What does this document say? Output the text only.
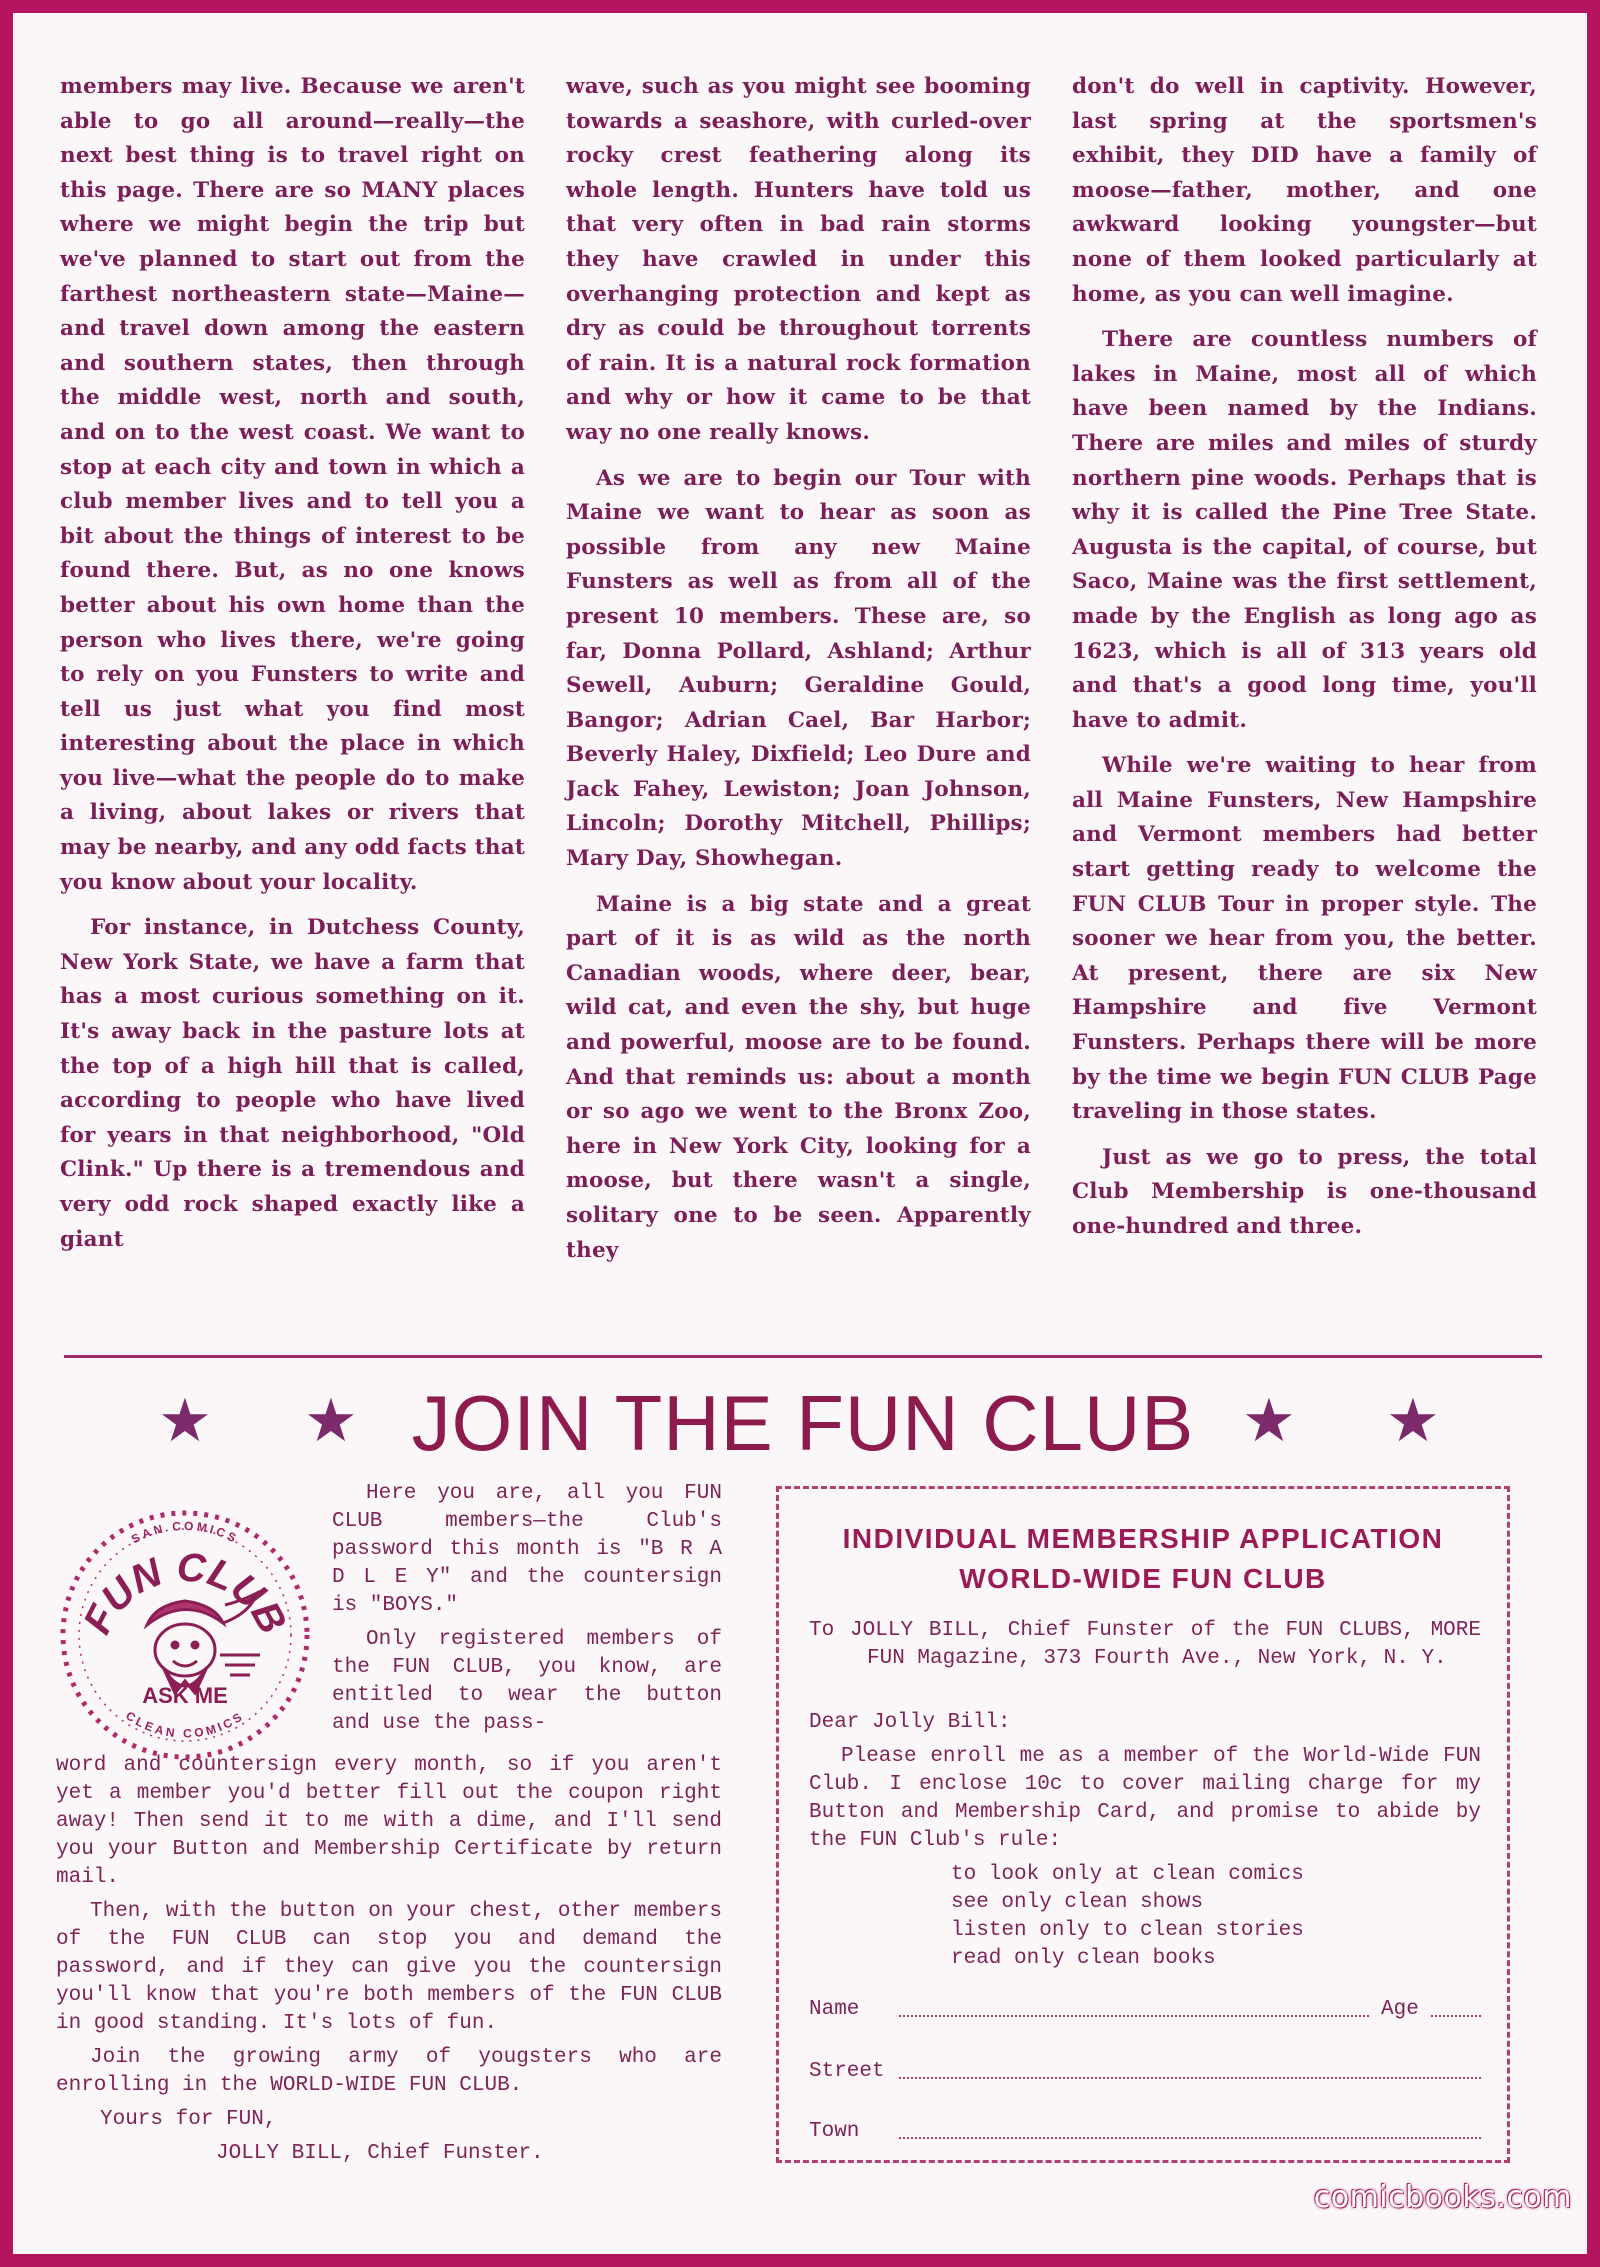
members may live. Because we aren't able to go all around—really—the next best thing is to travel right on this page. There are so MANY places where we might begin the trip but we've planned to start out from the farthest northeastern state—Maine—and travel down among the eastern and southern states, then through the middle west, north and south, and on to the west coast. We want to stop at each city and town in which a club member lives and to tell you a bit about the things of interest to be found there. But, as no one knows better about his own home than the person who lives there, we're going to rely on you Funsters to write and tell us just what you find most interesting about the place in which you live—what the people do to make a living, about lakes or rivers that may be nearby, and any odd facts that you know about your locality.

For instance, in Dutchess County, New York State, we have a farm that has a most curious something on it. It's away back in the pasture lots at the top of a high hill that is called, according to people who have lived for years in that neighborhood, "Old Clink." Up there is a tremendous and very odd rock shaped exactly like a giant

wave, such as you might see booming towards a seashore, with curled-over rocky crest feathering along its whole length. Hunters have told us that very often in bad rain storms they have crawled in under this overhanging protection and kept as dry as could be throughout torrents of rain. It is a natural rock formation and why or how it came to be that way no one really knows.

As we are to begin our Tour with Maine we want to hear as soon as possible from any new Maine Funsters as well as from all of the present 10 members. These are, so far, Donna Pollard, Ashland; Arthur Sewell, Auburn; Geraldine Gould, Bangor; Adrian Cael, Bar Harbor; Beverly Haley, Dixfield; Leo Dure and Jack Fahey, Lewiston; Joan Johnson, Lincoln; Dorothy Mitchell, Phillips; Mary Day, Showhegan.

Maine is a big state and a great part of it is as wild as the north Canadian woods, where deer, bear, wild cat, and even the shy, but huge and powerful, moose are to be found. And that reminds us: about a month or so ago we went to the Bronx Zoo, here in New York City, looking for a moose, but there wasn't a single, solitary one to be seen. Apparently they

don't do well in captivity. However, last spring at the sportsmen's exhibit, they DID have a family of moose—father, mother, and one awkward looking youngster—but none of them looked particularly at home, as you can well imagine.

There are countless numbers of lakes in Maine, most all of which have been named by the Indians. There are miles and miles of sturdy northern pine woods. Perhaps that is why it is called the Pine Tree State. Augusta is the capital, of course, but Saco, Maine was the first settlement, made by the English as long ago as 1623, which is all of 313 years old and that's a good long time, you'll have to admit.

While we're waiting to hear from all Maine Funsters, New Hampshire and Vermont members had better start getting ready to welcome the FUN CLUB Tour in proper style. The sooner we hear from you, the better. At present, there are six New Hampshire and five Vermont Funsters. Perhaps there will be more by the time we begin FUN CLUB Page traveling in those states.

Just as we go to press, the total Club Membership is one-thousand one-hundred and three.

★ ★ JOIN THE FUN CLUB ★ ★
SAN COMICS
FUN CLUB
ASK ME
CLEAN COMICS

Here you are, all you FUN CLUB members—the Club's password this month is "B R A D L E Y" and the countersign is "BOYS."

Only registered members of the FUN CLUB, you know, are entitled to wear the button and use the pass-

word and countersign every month, so if you aren't yet a member you'd better fill out the coupon right away! Then send it to me with a dime, and I'll send you your Button and Membership Certificate by return mail.

Then, with the button on your chest, other members of the FUN CLUB can stop you and demand the password, and if they can give you the countersign you'll know that you're both members of the FUN CLUB in good standing. It's lots of fun.

Join the growing army of yougsters who are enrolling in the WORLD-WIDE FUN CLUB.

Yours for FUN,

JOLLY BILL, Chief Funster.

INDIVIDUAL MEMBERSHIP APPLICATION
WORLD-WIDE FUN CLUB

To JOLLY BILL, Chief Funster of the FUN CLUBS, MORE FUN Magazine, 373 Fourth Ave., New York, N. Y.

Dear Jolly Bill:
Please enroll me as a member of the World-Wide FUN Club. I enclose 10c to cover mailing charge for my Button and Membership Card, and promise to abide by the FUN Club's rule:
to look only at clean comics
see only clean shows
listen only to clean stories
read only clean books
Name	Age
Street
Town
comicbooks.com
